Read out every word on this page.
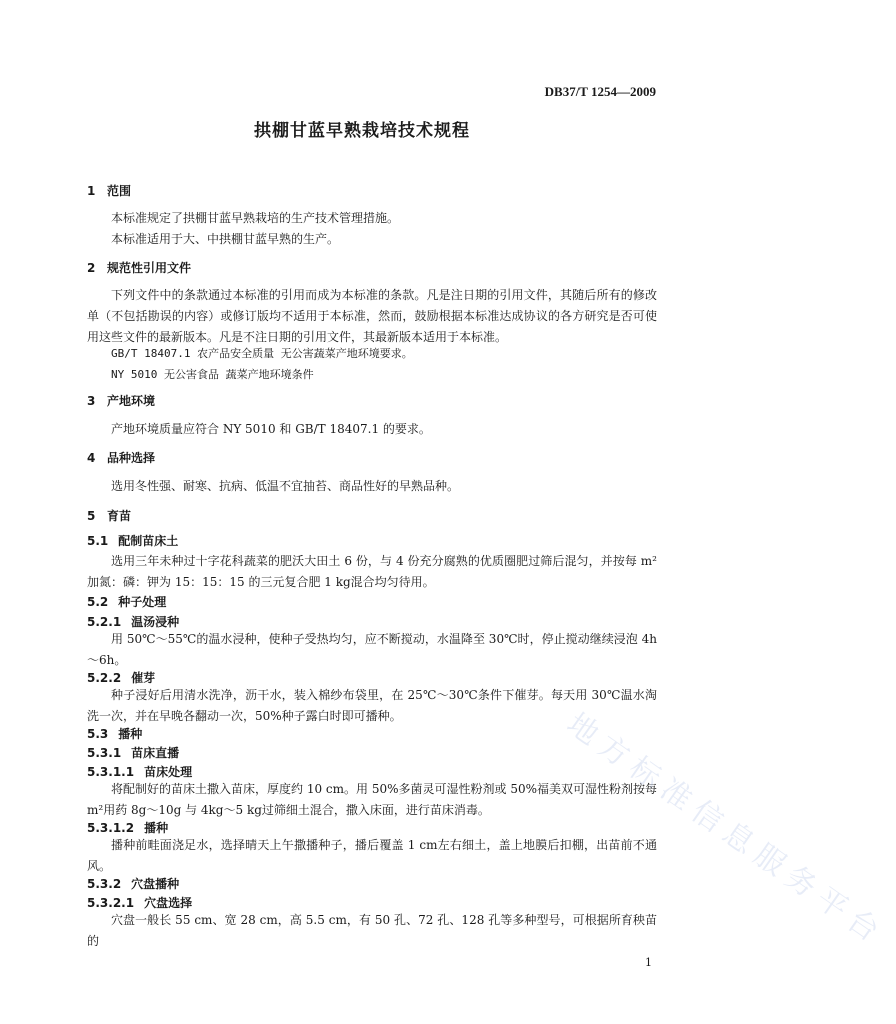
DB37/T 1254—2009
拱棚甘蓝早熟栽培技术规程
1 范围
本标准规定了拱棚甘蓝早熟栽培的生产技术管理措施。
本标准适用于大、中拱棚甘蓝早熟的生产。
2 规范性引用文件
下列文件中的条款通过本标准的引用而成为本标准的条款。凡是注日期的引用文件，其随后所有的修改单（不包括勘误的内容）或修订版均不适用于本标准，然而，鼓励根据本标准达成协议的各方研究是否可使用这些文件的最新版本。凡是不注日期的引用文件，其最新版本适用于本标准。
GB/T 18407.1 农产品安全质量 无公害蔬菜产地环境要求。
NY 5010 无公害食品 蔬菜产地环境条件
3 产地环境
产地环境质量应符合 NY 5010 和 GB/T 18407.1 的要求。
4 品种选择
选用冬性强、耐寒、抗病、低温不宜抽苔、商品性好的早熟品种。
5 育苗
5.1 配制苗床土
选用三年未种过十字花科蔬菜的肥沃大田土 6 份，与 4 份充分腐熟的优质圈肥过筛后混匀，并按每 m² 加氮：磷：钾为 15：15：15 的三元复合肥 1 kg混合均匀待用。
5.2 种子处理
5.2.1 温汤浸种
用 50℃～55℃的温水浸种，使种子受热均匀，应不断搅动，水温降至 30℃时，停止搅动继续浸泡 4h～6h。
5.2.2 催芽
种子浸好后用清水洗净，沥干水，装入棉纱布袋里，在 25℃～30℃条件下催芽。每天用 30℃温水淘洗一次，并在早晚各翻动一次，50%种子露白时即可播种。
5.3 播种
5.3.1 苗床直播
5.3.1.1 苗床处理
将配制好的苗床土撒入苗床，厚度约 10 cm。用 50%多菌灵可湿性粉剂或 50%福美双可湿性粉剂按每 m²用药 8g～10g 与 4kg～5 kg过筛细土混合，撒入床面，进行苗床消毒。
5.3.1.2 播种
播种前畦面浇足水，选择晴天上午撒播种子，播后覆盖 1 cm左右细土，盖上地膜后扣棚，出苗前不通风。
5.3.2 穴盘播种
5.3.2.1 穴盘选择
穴盘一般长 55 cm、宽 28 cm，高 5.5 cm，有 50 孔、72 孔、128 孔等多种型号，可根据所育秧苗的
1
地方标准信息服务平台
